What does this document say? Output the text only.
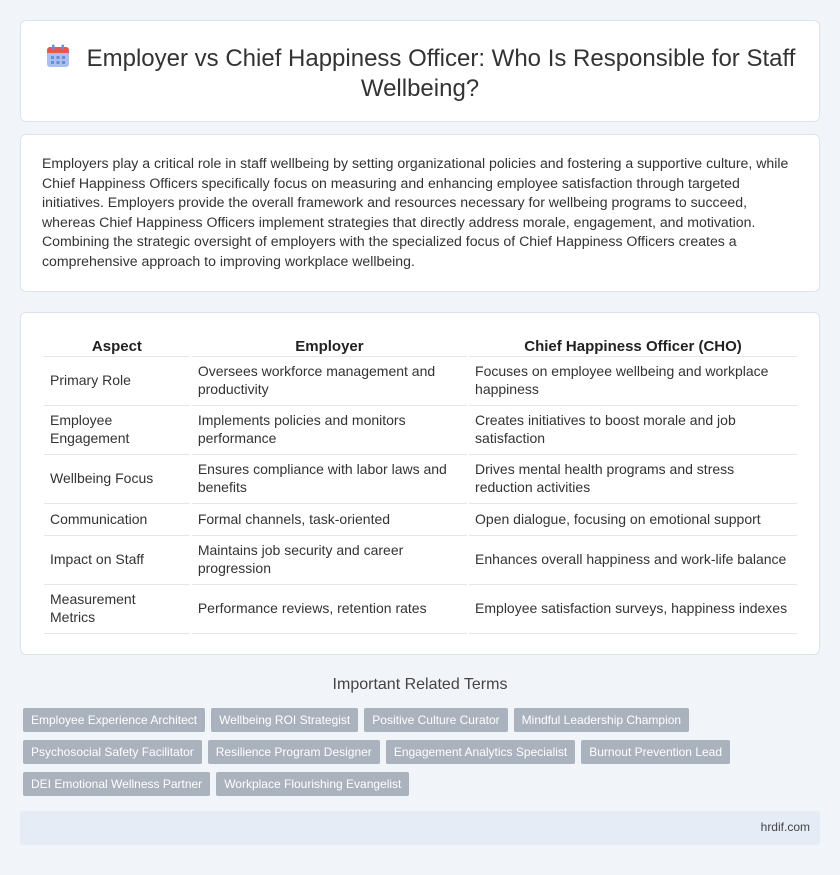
Employer vs Chief Happiness Officer: Who Is Responsible for Staff Wellbeing?

Employers play a critical role in staff wellbeing by setting organizational policies and fostering a supportive culture, while Chief Happiness Officers specifically focus on measuring and enhancing employee satisfaction through targeted initiatives. Employers provide the overall framework and resources necessary for wellbeing programs to succeed, whereas Chief Happiness Officers implement strategies that directly address morale, engagement, and motivation. Combining the strategic oversight of employers with the specialized focus of Chief Happiness Officers creates a comprehensive approach to improving workplace wellbeing.

Aspect	Employer	Chief Happiness Officer (CHO)
Primary Role	Oversees workforce management and productivity	Focuses on employee wellbeing and workplace happiness
Employee Engagement	Implements policies and monitors performance	Creates initiatives to boost morale and job satisfaction
Wellbeing Focus	Ensures compliance with labor laws and benefits	Drives mental health programs and stress reduction activities
Communication	Formal channels, task-oriented	Open dialogue, focusing on emotional support
Impact on Staff	Maintains job security and career progression	Enhances overall happiness and work-life balance
Measurement Metrics	Performance reviews, retention rates	Employee satisfaction surveys, happiness indexes
Important Related Terms
Employee Experience Architect	Wellbeing ROI Strategist	Positive Culture Curator	Mindful Leadership Champion
Psychosocial Safety Facilitator	Resilience Program Designer	Engagement Analytics Specialist	Burnout Prevention Lead
DEI Emotional Wellness Partner	Workplace Flourishing Evangelist
hrdif.com
